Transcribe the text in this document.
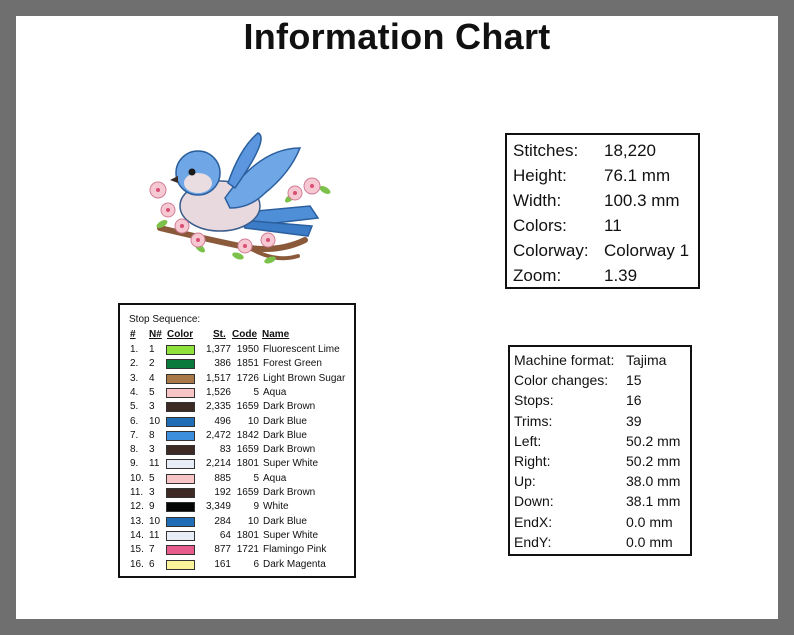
Information Chart
Stitches:	18,220
Height:	76.1 mm
Width:	100.3 mm
Colors:	11
Colorway: Colorway 1
Zoom:	1.39
Stop Sequence:
# N# Color St. Code Name
1. 1	1,377 1950 Fluorescent Lime
2. 2	386 1851 Forest Green
3. 4	1,517 1726 Light Brown Sugar
4. 5	1,526	5 Aqua
5. 3	2,335 1659 Dark Brown
6. 10	496	10 Dark Blue
7. 8	2,472 1842 Dark Blue
8. 3	83 1659 Dark Brown
9. 11	2,214 1801 Super White
10. 5	885	5 Aqua
11. 3	192 1659 Dark Brown
12. 9	3,349	9 White
13. 10	284	10 Dark Blue
14. 11	64 1801 Super White
15. 7	877 1721 Flamingo Pink
16. 6	161	6 Dark Magenta
Machine format: Tajima
Color changes:	15
Stops:	16
Trims:	39
Left:	50.2 mm
Right:	50.2 mm
Up:	38.0 mm
Down:	38.1 mm
EndX:	0.0 mm
EndY:	0.0 mm
